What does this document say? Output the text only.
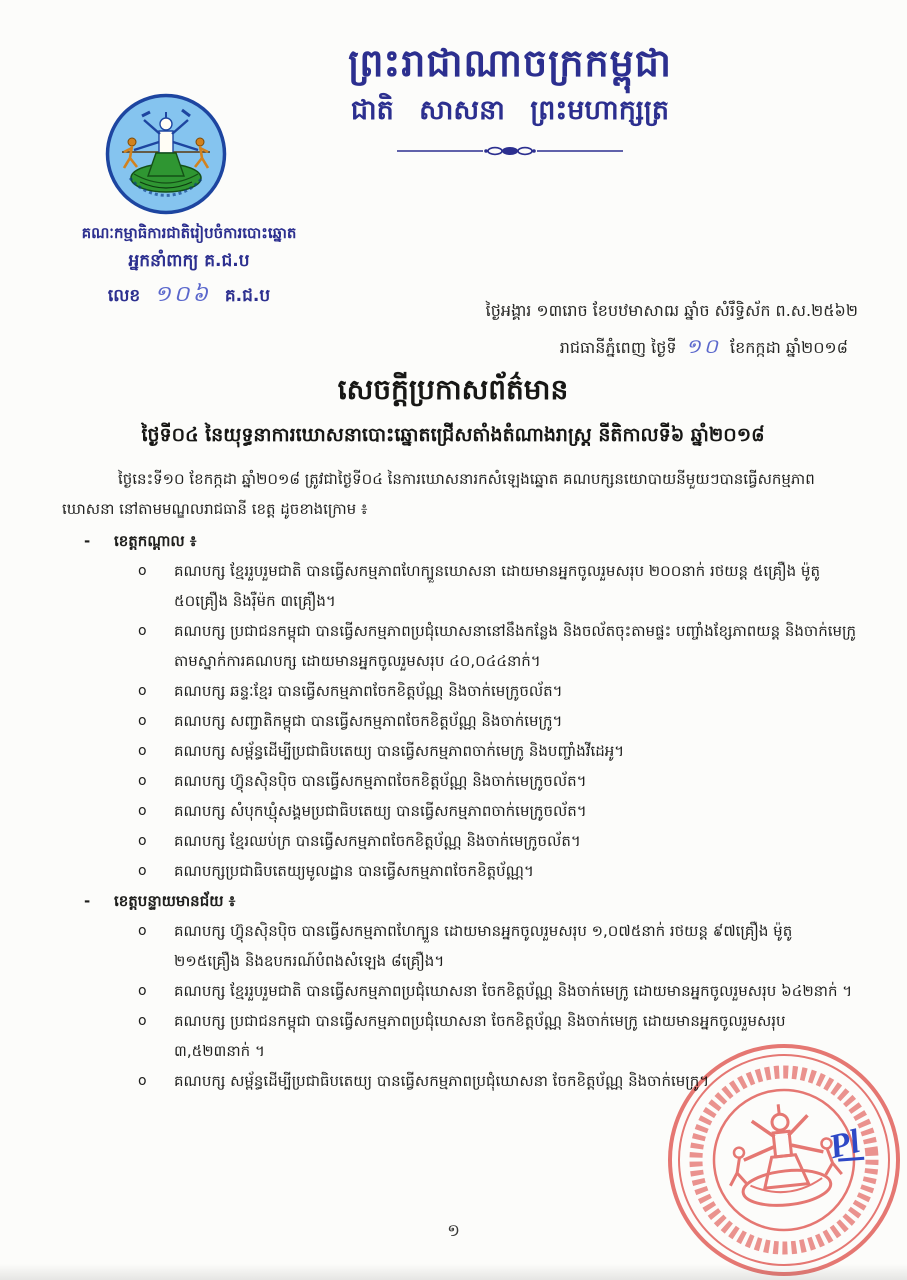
ព្រះរាជាណាចក្រកម្ពុជា
ជាតិ សាសនា ព្រះមហាក្សត្រ
គណៈកម្មាធិការជាតិរៀបចំការបោះឆ្នោត
អ្នកនាំពាក្យ គ.ជ.ប
លេខ ១០៦ គ.ជ.ប
ថ្ងៃអង្គារ ១៣រោច ខែបឋមាសាឍ ឆ្នាំច សំរឹទ្ធិស័ក ព.ស.២៥៦២
រាជធានីភ្នំពេញ ថ្ងៃទី ១០ ខែកក្កដា ឆ្នាំ២០១៨
សេចក្តីប្រកាសព័ត៌មាន
ថ្ងៃទី០៤ នៃយុទ្ធនាការឃោសនាបោះឆ្នោតជ្រើសតាំងតំណាងរាស្ត្រ នីតិកាលទី៦ ឆ្នាំ២០១៨

ថ្ងៃនេះទី១០ ខែកក្កដា ឆ្នាំ២០១៨ ត្រូវជាថ្ងៃទី០៤ នៃការឃោសនារកសំឡេងឆ្នោត គណបក្សនយោបាយនីមួយៗបានធ្វើសកម្មភាពឃោសនា នៅតាមមណ្ឌលរាជធានី ខេត្ត ដូចខាងក្រោម ៖

-	ខេត្តកណ្តាល ៖
o	គណបក្ស ខ្មែររួបរួមជាតិ បានធ្វើសកម្មភាពហែក្បួនឃោសនា ដោយមានអ្នកចូលរួមសរុប ២០០នាក់ រថយន្ត ៥គ្រឿង ម៉ូតូ ៥០គ្រឿង និងរ៉ឺម៉ក ៣គ្រឿង។
o	គណបក្ស ប្រជាជនកម្ពុជា បានធ្វើសកម្មភាពប្រជុំឃោសនានៅនឹងកន្លែង និងចល័តចុះតាមផ្ទះ បញ្ចាំងខ្សែភាពយន្ត និងចាក់មេក្រូតាមស្នាក់ការគណបក្ស ដោយមានអ្នកចូលរួមសរុប ៤០,០៤៤នាក់។
o	គណបក្ស ឆន្ទៈខ្មែរ បានធ្វើសកម្មភាពចែកខិត្តប័ណ្ណ និងចាក់មេក្រូចល័ត។
o	គណបក្ស សញ្ជាតិកម្ពុជា បានធ្វើសកម្មភាពចែកខិត្តប័ណ្ណ និងចាក់មេក្រូ។
o	គណបក្ស សម្ព័ន្ធដើម្បីប្រជាធិបតេយ្យ បានធ្វើសកម្មភាពចាក់មេក្រូ និងបញ្ចាំងវីដេអូ។
o	គណបក្ស ហ៊្វុនស៊ិនប៉ិច បានធ្វើសកម្មភាពចែកខិត្តប័ណ្ណ និងចាក់មេក្រូចល័ត។
o	គណបក្ស សំបុកឃ្មុំសង្គមប្រជាធិបតេយ្យ បានធ្វើសកម្មភាពចាក់មេក្រូចល័ត។
o	គណបក្ស ខ្មែរឈប់ក្រ បានធ្វើសកម្មភាពចែកខិត្តប័ណ្ណ និងចាក់មេក្រូចល័ត។
o	គណបក្សប្រជាធិបតេយ្យមូលដ្ឋាន បានធ្វើសកម្មភាពចែកខិត្តប័ណ្ណ។
-	ខេត្តបន្ទាយមានជ័យ ៖
o	គណបក្ស ហ៊្វុនស៊ិនប៉ិច បានធ្វើសកម្មភាពហែក្បួន ដោយមានអ្នកចូលរួមសរុប ១,០៧៥នាក់ រថយន្ត ៩៧គ្រឿង ម៉ូតូ ២១៥គ្រឿង និងឧបករណ៍បំពងសំឡេង ៨គ្រឿង។
o	គណបក្ស ខ្មែររួបរួមជាតិ បានធ្វើសកម្មភាពប្រជុំឃោសនា ចែកខិត្តប័ណ្ណ និងចាក់មេក្រូ ដោយមានអ្នកចូលរួមសរុប ៦៤២នាក់ ។
o	គណបក្ស ប្រជាជនកម្ពុជា បានធ្វើសកម្មភាពប្រជុំឃោសនា ចែកខិត្តប័ណ្ណ និងចាក់មេក្រូ ដោយមានអ្នកចូលរួមសរុប ៣,៥២៣នាក់ ។
o	គណបក្ស សម្ព័ន្ធដើម្បីប្រជាធិបតេយ្យ បានធ្វើសកម្មភាពប្រជុំឃោសនា ចែកខិត្តប័ណ្ណ និងចាក់មេក្រូ។
Pl
១
